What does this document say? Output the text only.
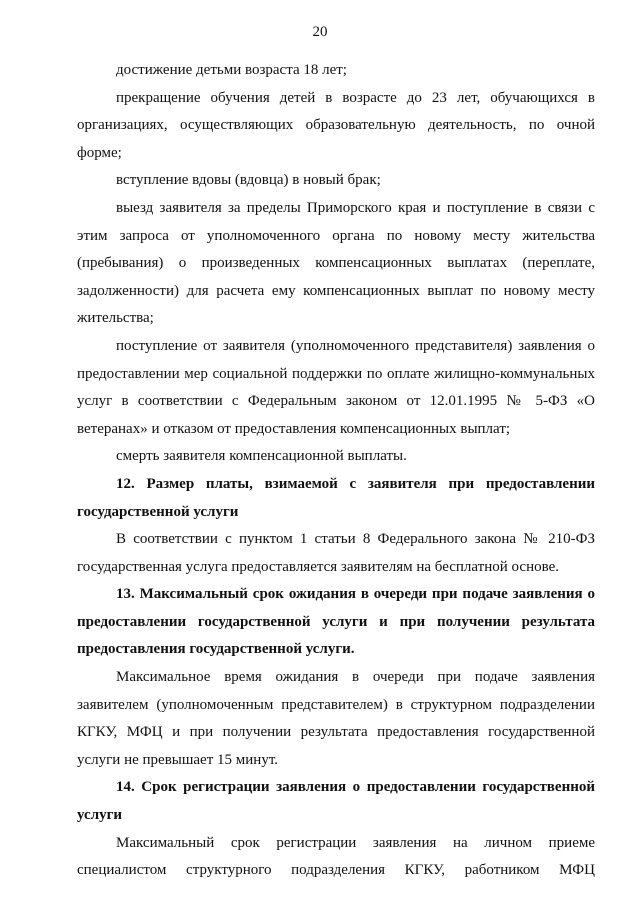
20

достижение детьми возраста 18 лет;

прекращение обучения детей в возрасте до 23 лет, обучающихся в организациях, осуществляющих образовательную деятельность, по очной форме;

вступление вдовы (вдовца) в новый брак;

выезд заявителя за пределы Приморского края и поступление в связи с этим запроса от уполномоченного органа по новому месту жительства (пребывания) о произведенных компенсационных выплатах (переплате, задолженности) для расчета ему компенсационных выплат по новому месту жительства;

поступление от заявителя (уполномоченного представителя) заявления о предоставлении мер социальной поддержки по оплате жилищно-коммунальных услуг в соответствии с Федеральным законом от 12.01.1995 № 5-ФЗ «О ветеранах» и отказом от предоставления компенсационных выплат;

смерть заявителя компенсационной выплаты.

12. Размер платы, взимаемой с заявителя при предоставлении государственной услуги

В соответствии с пунктом 1 статьи 8 Федерального закона № 210-ФЗ государственная услуга предоставляется заявителям на бесплатной основе.

13. Максимальный срок ожидания в очереди при подаче заявления о предоставлении государственной услуги и при получении результата предоставления государственной услуги.

Максимальное время ожидания в очереди при подаче заявления заявителем (уполномоченным представителем) в структурном подразделении КГКУ, МФЦ и при получении результата предоставления государственной услуги не превышает 15 минут.

14. Срок регистрации заявления о предоставлении государственной услуги

Максимальный срок регистрации заявления на личном приеме специалистом структурного подразделения КГКУ, работником МФЦ
